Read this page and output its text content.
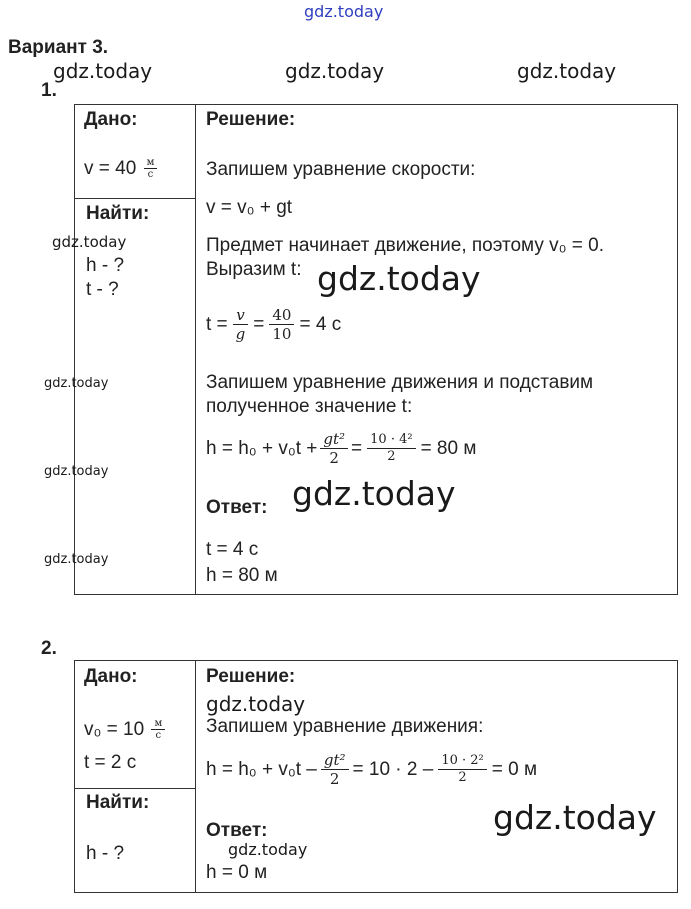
gdz.today
Вариант 3.
gdz.today	gdz.today	gdz.today
1.
Дано:
$v = 40 \frac{м}{с}$
Найти:
gdz.today
h - ?
t - ?
gdz.today
gdz.today
gdz.today
Решение:
Запишем уравнение скорости:
v = v₀ + gt
Предмет начинает движение, поэтому v₀ = 0.
Выразим t: gdz.today
$t = \frac{v}{g} = \frac{40}{10} = 4$ с
Запишем уравнение движения и подставим
полученное значение t:
$h = h_0 + v_0t + \frac{\text{gt²}}{2} = \frac{\text{10 · 4²}}{2} = 80$ м
gdz.today
Ответ:
t = 4 с
h = 80 м
2.
Дано:
$v_0 = 10 \frac{м}{с}$
t = 2 с
Найти:
h - ?
Решение:
gdz.today
Запишем уравнение движения:
$h = h_0 + v_0t - \frac{\text{gt²}}{2} = 10 \cdot 2 - \frac{\text{10 · 2²}}{2} = 0$ м
gdz.today
Ответ:
gdz.today
h = 0 м
